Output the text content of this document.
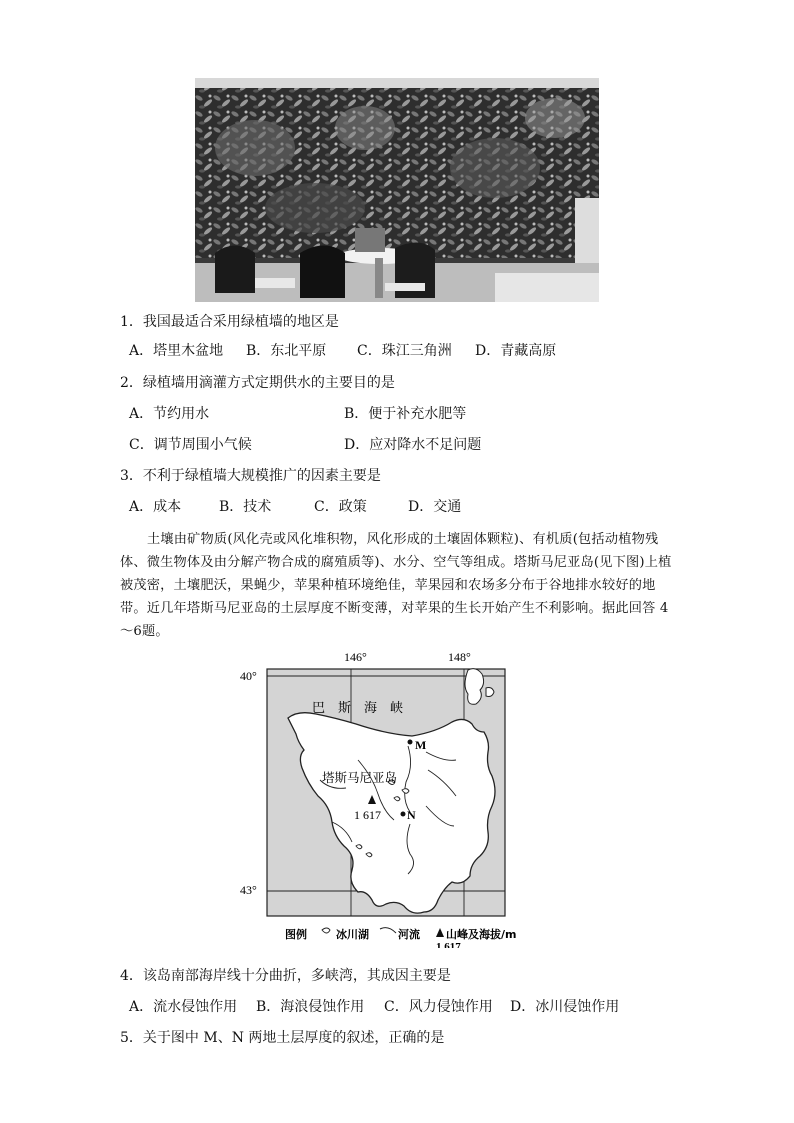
1．我国最适合采用绿植墙的地区是
A．塔里木盆地 B．东北平原 C．珠江三角洲 D．青藏高原
2．绿植墙用滴灌方式定期供水的主要目的是
A．节约用水	B．便于补充水肥等
C．调节周围小气候	D．应对降水不足问题
3．不利于绿植墙大规模推广的因素主要是
A．成本	B．技术	C．政策	D．交通
土壤由矿物质(风化壳或风化堆积物，风化形成的土壤固体颗粒)、有机质(包括动植物残体、微生物体及由分解产物合成的腐殖质等)、水分、空气等组成。塔斯马尼亚岛(见下图)上植被茂密，土壤肥沃，果蝇少，苹果种植环境绝佳，苹果园和农场多分布于谷地排水较好的地带。近几年塔斯马尼亚岛的土层厚度不断变薄，对苹果的生长开始产生不利影响。据此回答 4～6题。
146°	148°
40°
43°
巴　斯　海　峡
M
塔斯马尼亚岛
1 617 N
图例	冰川湖	河流 山峰及海拔/m
1 617
4．该岛南部海岸线十分曲折，多峡湾，其成因主要是
A．流水侵蚀作用 B．海浪侵蚀作用 C．风力侵蚀作用 D．冰川侵蚀作用
5．关于图中 M、N 两地土层厚度的叙述，正确的是
